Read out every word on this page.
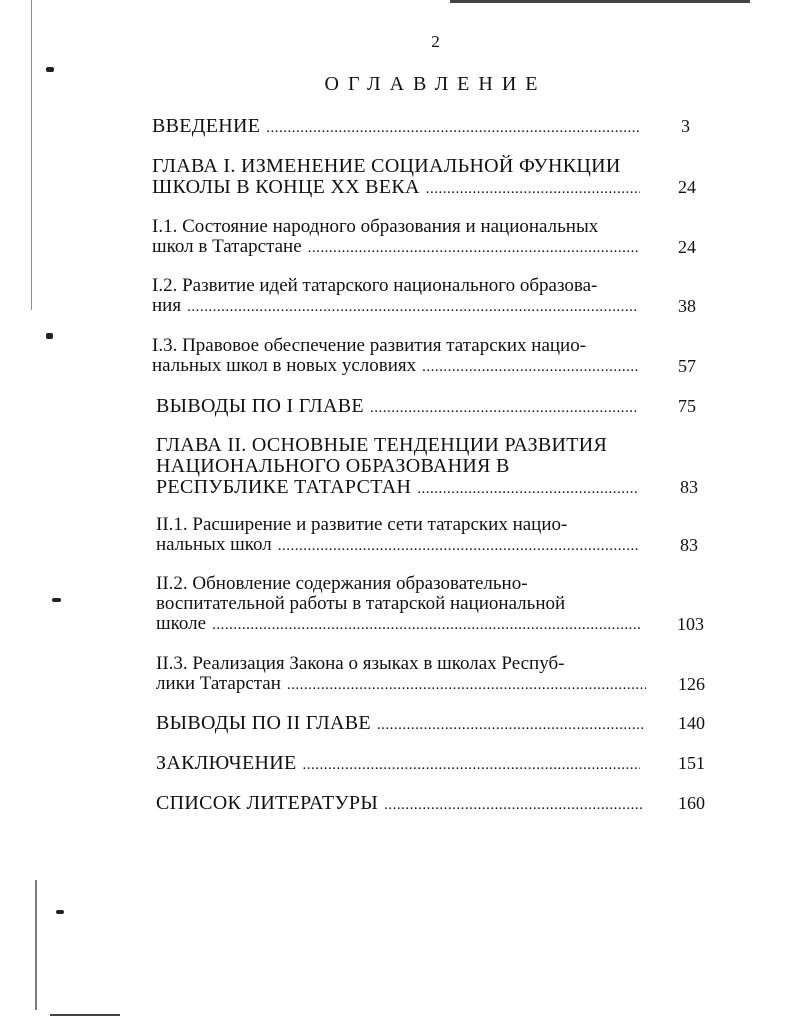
2
ОГЛАВЛЕНИЕ
ВВЕДЕНИЕ .....	3
ГЛАВА I. ИЗМЕНЕНИЕ СОЦИАЛЬНОЙ ФУНКЦИИ
ШКОЛЫ В КОНЦЕ XX ВЕКА .....	24
I.1. Состояние народного образования и национальных
школ в Татарстане .....	24
I.2. Развитие идей татарского национального образова-
ния .....	38
I.3. Правовое обеспечение развития татарских нацио-
нальных школ в новых условиях .....	57
ВЫВОДЫ ПО I ГЛАВЕ .....	75
ГЛАВА II. ОСНОВНЫЕ ТЕНДЕНЦИИ РАЗВИТИЯ
НАЦИОНАЛЬНОГО ОБРАЗОВАНИЯ В
РЕСПУБЛИКЕ ТАТАРСТАН .....	83
II.1. Расширение и развитие сети татарских нацио-
нальных школ .....	83
II.2. Обновление содержания образовательно-
воспитательной работы в татарской национальной
школе .....	103
II.3. Реализация Закона о языках в школах Респуб-
лики Татарстан .....	126
ВЫВОДЫ ПО II ГЛАВЕ .....	140
ЗАКЛЮЧЕНИЕ .....	151
СПИСОК ЛИТЕРАТУРЫ .....	160
